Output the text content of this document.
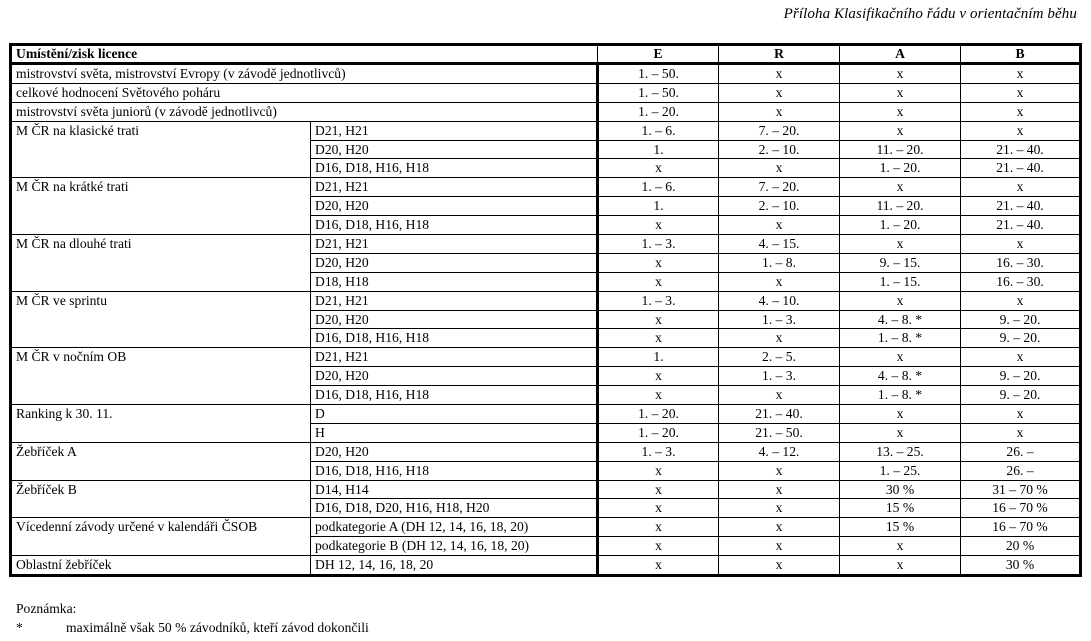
Příloha Klasifikačního řádu v orientačním běhu
Umístění/zisk licence		E	R	A	B
mistrovství světa, mistrovství Evropy (v závodě jednotlivců)		1. – 50.	x	x	x
celkové hodnocení Světového poháru		1. – 50.	x	x	x
mistrovství světa juniorů (v závodě jednotlivců)		1. – 20.	x	x	x
M ČR na klasické trati	D21, H21	1. – 6.	7. – 20.	x	x
	D20, H20	1.	2. – 10.	11. – 20.	21. – 40.
	D16, D18, H16, H18	x	x	1. – 20.	21. – 40.
M ČR na krátké trati	D21, H21	1. – 6.	7. – 20.	x	x
	D20, H20	1.	2. – 10.	11. – 20.	21. – 40.
	D16, D18, H16, H18	x	x	1. – 20.	21. – 40.
M ČR na dlouhé trati	D21, H21	1. – 3.	4. – 15.	x	x
	D20, H20	x	1. – 8.	9. – 15.	16. – 30.
	D18, H18	x	x	1. – 15.	16. – 30.
M ČR ve sprintu	D21, H21	1. – 3.	4. – 10.	x	x
	D20, H20	x	1. – 3.	4. – 8. *	9. – 20.
	D16, D18, H16, H18	x	x	1. – 8. *	9. – 20.
M ČR v nočním OB	D21, H21	1.	2. – 5.	x	x
	D20, H20	x	1. – 3.	4. – 8. *	9. – 20.
	D16, D18, H16, H18	x	x	1. – 8. *	9. – 20.
Ranking k 30. 11.	D	1. – 20.	21. – 40.	x	x
	H	1. – 20.	21. – 50.	x	x
Žebříček A	D20, H20	1. – 3.	4. – 12.	13. – 25.	26. –
	D16, D18, H16, H18	x	x	1. – 25.	26. –
Žebříček B	D14, H14	x	x	30 %	31 – 70 %
	D16, D18, D20, H16, H18, H20	x	x	15 %	16 – 70 %
Vícedenní závody určené v kalendáři ČSOB	podkategorie A (DH 12, 14, 16, 18, 20)	x	x	15 %	16 – 70 %
	podkategorie B (DH 12, 14, 16, 18, 20)	x	x	x	20 %
Oblastní žebříček	DH 12, 14, 16, 18, 20	x	x	x	30 %
Poznámka:
*	maximálně však 50 % závodníků, kteří závod dokončili
